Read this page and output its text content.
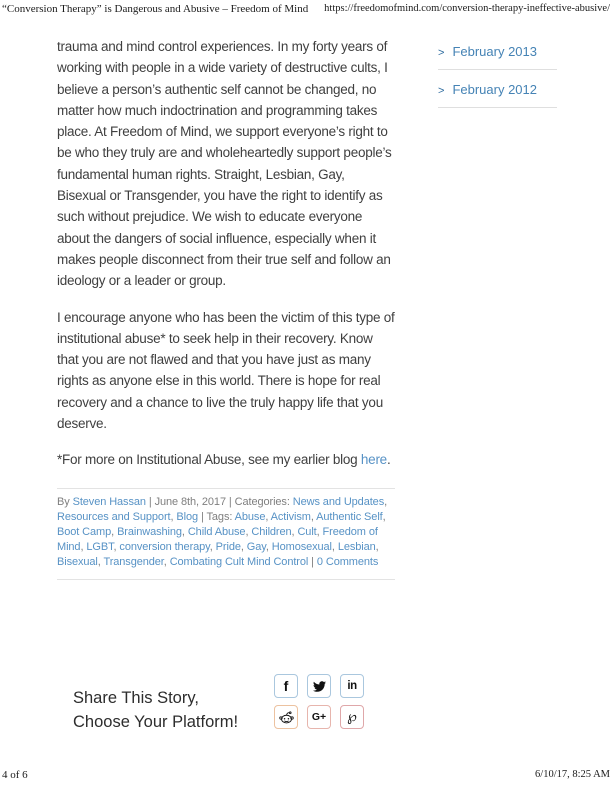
“Conversion Therapy” is Dangerous and Abusive – Freedom of Mind https://freedomofmind.com/conversion-therapy-ineffective-abusive/

trauma and mind control experiences. In my forty years of working with people in a wide variety of destructive cults, I believe a person’s authentic self cannot be changed, no matter how much indoctrination and programming takes place. At Freedom of Mind, we support everyone’s right to be who they truly are and wholeheartedly support people’s fundamental human rights. Straight, Lesbian, Gay, Bisexual or Transgender, you have the right to identify as such without prejudice. We wish to educate everyone about the dangers of social influence, especially when it makes people disconnect from their true self and follow an ideology or a leader or group.

I encourage anyone who has been the victim of this type of institutional abuse* to seek help in their recovery. Know that you are not flawed and that you have just as many rights as anyone else in this world. There is hope for real recovery and a chance to live the truly happy life that you deserve.

*For more on Institutional Abuse, see my earlier blog here.

By Steven Hassan | June 8th, 2017 | Categories: News and Updates, Resources and Support, Blog | Tags: Abuse, Activism, Authentic Self, Boot Camp, Brainwashing, Child Abuse, Children, Cult, Freedom of Mind, LGBT, conversion therapy, Pride, Gay, Homosexual, Lesbian, Bisexual, Transgender, Combating Cult Mind Control | 0 Comments
> February 2013
> February 2012
Share This Story,
Choose Your Platform!
f	in
G+ ℘
4 of 6	6/10/17, 8:25 AM
